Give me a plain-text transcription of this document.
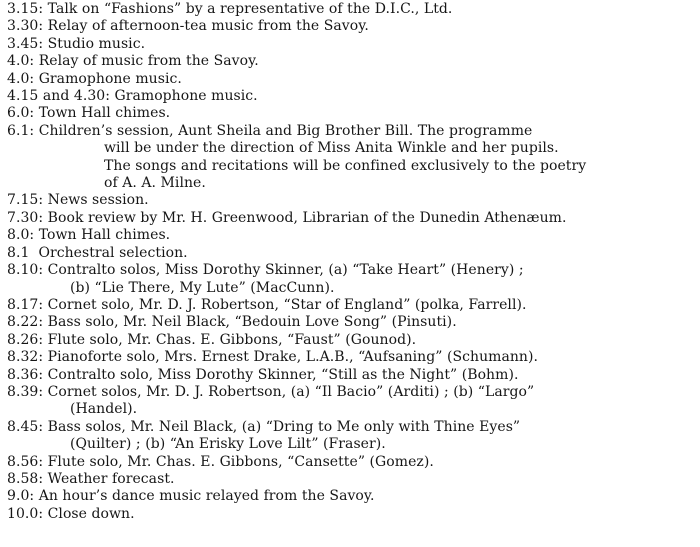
3.15: Talk on “Fashions” by a representative of the D.I.C., Ltd.
3.30: Relay of afternoon-tea music from the Savoy.
3.45: Studio music.
4.0: Relay of music from the Savoy.
4.0: Gramophone music.
4.15 and 4.30: Gramophone music.
6.0: Town Hall chimes.
6.1: Children’s session, Aunt Sheila and Big Brother Bill. The programme
will be under the direction of Miss Anita Winkle and her pupils.
The songs and recitations will be confined exclusively to the poetry
of A. A. Milne.
7.15: News session.
7.30: Book review by Mr. H. Greenwood, Librarian of the Dunedin Athenæum.
8.0: Town Hall chimes.
8.1 Orchestral selection.
8.10: Contralto solos, Miss Dorothy Skinner, (a) “Take Heart” (Henery) ;
(b) “Lie There, My Lute” (MacCunn).
8.17: Cornet solo, Mr. D. J. Robertson, “Star of England” (polka, Farrell).
8.22: Bass solo, Mr. Neil Black, “Bedouin Love Song” (Pinsuti).
8.26: Flute solo, Mr. Chas. E. Gibbons, “Faust” (Gounod).
8.32: Pianoforte solo, Mrs. Ernest Drake, L.A.B., “Aufsaning” (Schumann).
8.36: Contralto solo, Miss Dorothy Skinner, “Still as the Night” (Bohm).
8.39: Cornet solos, Mr. D. J. Robertson, (a) “Il Bacio” (Arditi) ; (b) “Largo”
(Handel).
8.45: Bass solos, Mr. Neil Black, (a) “Dring to Me only with Thine Eyes”
(Quilter) ; (b) “An Erisky Love Lilt” (Fraser).
8.56: Flute solo, Mr. Chas. E. Gibbons, “Cansette” (Gomez).
8.58: Weather forecast.
9.0: An hour’s dance music relayed from the Savoy.
10.0: Close down.
